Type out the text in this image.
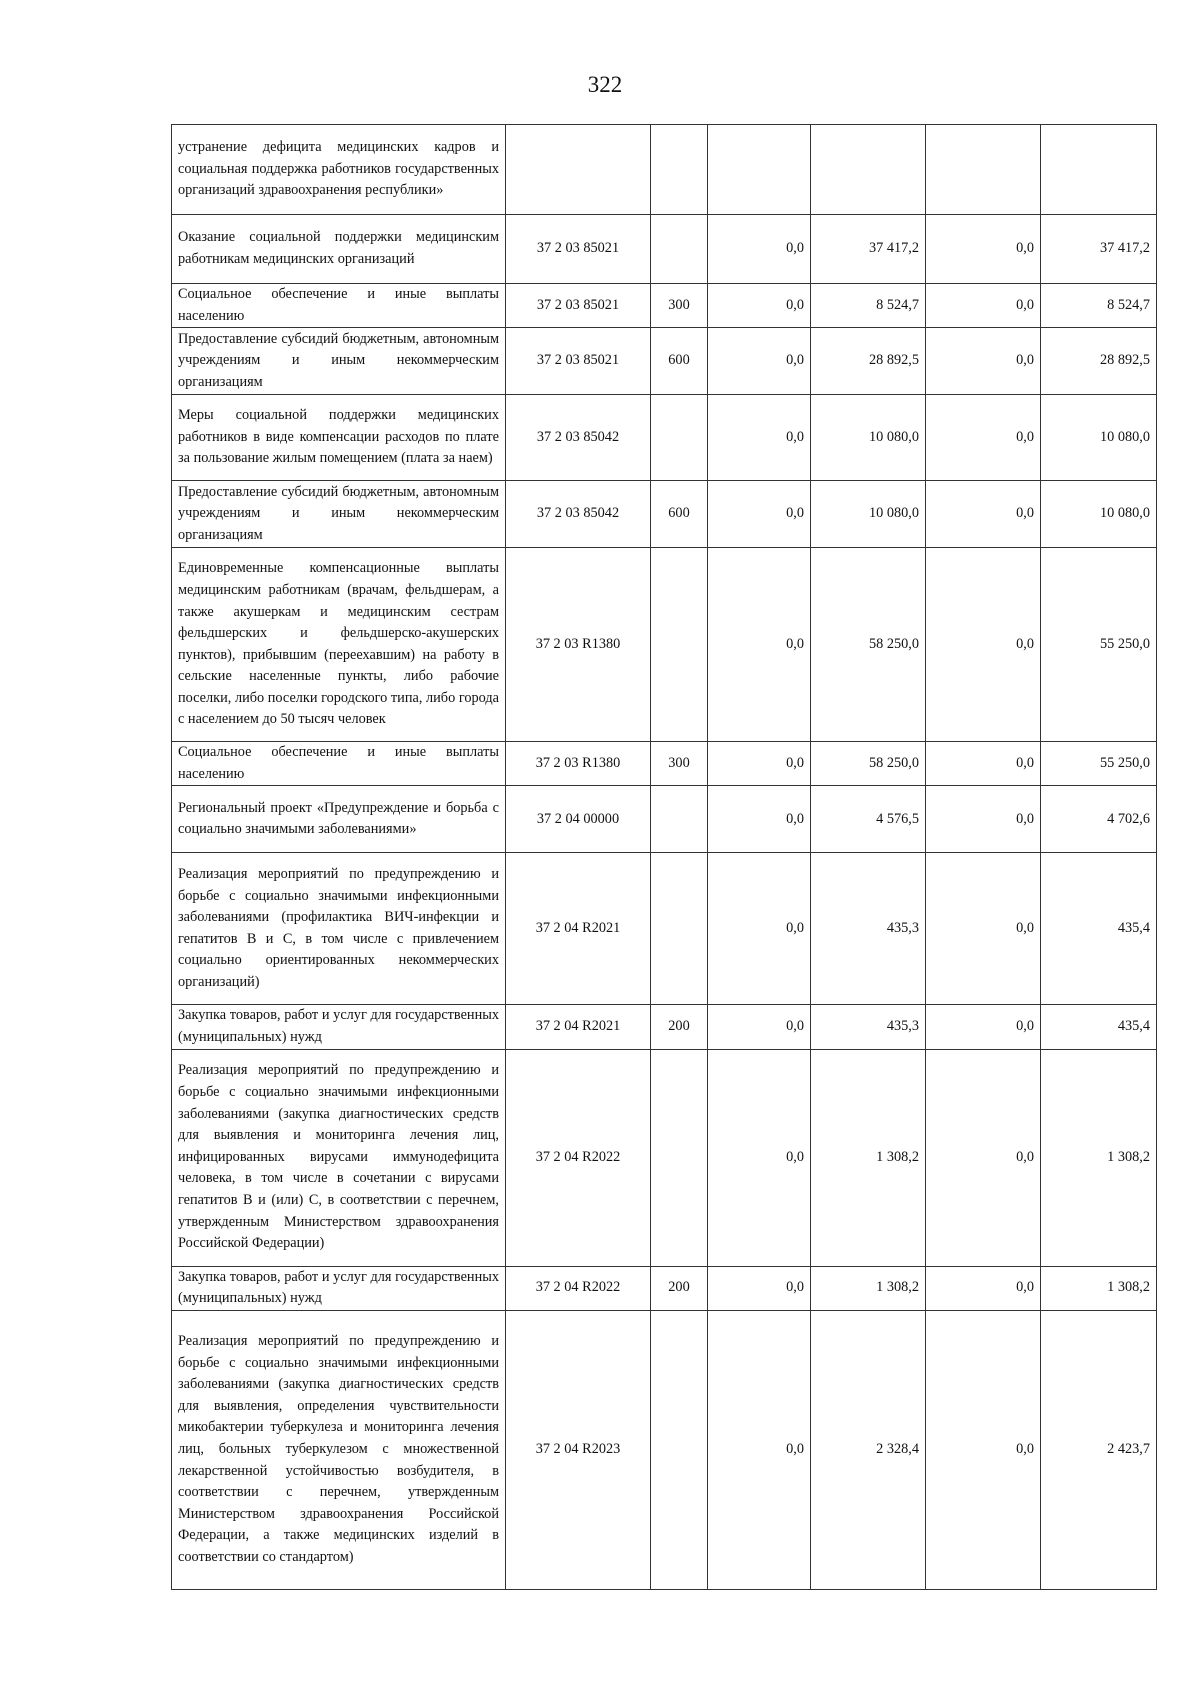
322
устранение дефицита медицинских кадров и социальная поддержка работников государственных организаций здравоохранения республики»						
Оказание социальной поддержки медицинским работникам медицинских организаций	37 2 03 85021		0,0	37 417,2	0,0	37 417,2
Социальное обеспечение и иные выплаты населению	37 2 03 85021	300	0,0	8 524,7	0,0	8 524,7
Предоставление субсидий бюджетным, автономным учреждениям и иным некоммерческим организациям	37 2 03 85021	600	0,0	28 892,5	0,0	28 892,5
Меры социальной поддержки медицинских работников в виде компенсации расходов по плате за пользование жилым помещением (плата за наем)	37 2 03 85042		0,0	10 080,0	0,0	10 080,0
Предоставление субсидий бюджетным, автономным учреждениям и иным некоммерческим организациям	37 2 03 85042	600	0,0	10 080,0	0,0	10 080,0
Единовременные компенсационные выплаты медицинским работникам (врачам, фельдшерам, а также акушеркам и медицинским сестрам фельдшерских и фельдшерско-акушерских пунктов), прибывшим (переехавшим) на работу в сельские населенные пункты, либо рабочие поселки, либо поселки городского типа, либо города с населением до 50 тысяч человек	37 2 03 R1380		0,0	58 250,0	0,0	55 250,0
Социальное обеспечение и иные выплаты населению	37 2 03 R1380	300	0,0	58 250,0	0,0	55 250,0
Региональный проект «Предупреждение и борьба с социально значимыми заболеваниями»	37 2 04 00000		0,0	4 576,5	0,0	4 702,6
Реализация мероприятий по предупреждению и борьбе с социально значимыми инфекционными заболеваниями (профилактика ВИЧ-инфекции и гепатитов В и С, в том числе с привлечением социально ориентированных некоммерческих организаций)	37 2 04 R2021		0,0	435,3	0,0	435,4
Закупка товаров, работ и услуг для государственных (муниципальных) нужд	37 2 04 R2021	200	0,0	435,3	0,0	435,4
Реализация мероприятий по предупреждению и борьбе с социально значимыми инфекционными заболеваниями (закупка диагностических средств для выявления и мониторинга лечения лиц, инфицированных вирусами иммунодефицита человека, в том числе в сочетании с вирусами гепатитов В и (или) С, в соответствии с перечнем, утвержденным Министерством здравоохранения Российской Федерации)	37 2 04 R2022		0,0	1 308,2	0,0	1 308,2
Закупка товаров, работ и услуг для государственных (муниципальных) нужд	37 2 04 R2022	200	0,0	1 308,2	0,0	1 308,2
Реализация мероприятий по предупреждению и борьбе с социально значимыми инфекционными заболеваниями (закупка диагностических средств для выявления, определения чувствительности микобактерии туберкулеза и мониторинга лечения лиц, больных туберкулезом с множественной лекарственной устойчивостью возбудителя, в соответствии с перечнем, утвержденным Министерством здравоохранения Российской Федерации, а также медицинских изделий в соответствии со стандартом)	37 2 04 R2023		0,0	2 328,4	0,0	2 423,7
